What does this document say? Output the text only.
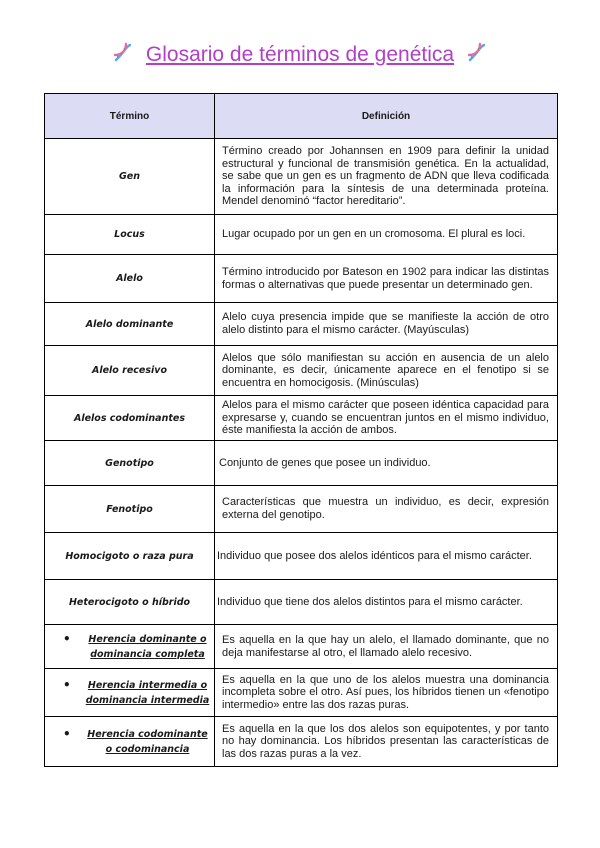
Glosario de términos de genética
Término	Definición
Gen	Término creado por Johannsen en 1909 para definir la unidad estructural y funcional de transmisión genética. En la actualidad, se sabe que un gen es un fragmento de ADN que lleva codificada la información para la síntesis de una determinada proteína. Mendel denominó “factor hereditario”.
Locus	Lugar ocupado por un gen en un cromosoma. El plural es loci.
Alelo	Término introducido por Bateson en 1902 para indicar las distintas formas o alternativas que puede presentar un determinado gen.
Alelo dominante	Alelo cuya presencia impide que se manifieste la acción de otro alelo distinto para el mismo carácter. (Mayúsculas)
Alelo recesivo	Alelos que sólo manifiestan su acción en ausencia de un alelo dominante, es decir, únicamente aparece en el fenotipo si se encuentra en homocigosis. (Minúsculas)
Alelos codominantes	Alelos para el mismo carácter que poseen idéntica capacidad para expresarse y, cuando se encuentran juntos en el mismo individuo, éste manifiesta la acción de ambos.
Genotipo	Conjunto de genes que posee un individuo.
Fenotipo	Características que muestra un individuo, es decir, expresión externa del genotipo.
Homocigoto o raza pura	Individuo que posee dos alelos idénticos para el mismo carácter.
Heterocigoto o híbrido	Individuo que tiene dos alelos distintos para el mismo carácter.

• Herencia dominante o dominancia completa	Es aquella en la que hay un alelo, el llamado dominante, que no deja manifestarse al otro, el llamado alelo recesivo.

• Herencia intermedia o dominancia intermedia	Es aquella en la que uno de los alelos muestra una dominancia incompleta sobre el otro. Así pues, los híbridos tienen un «fenotipo intermedio» entre las dos razas puras.

• Herencia codominante o codominancia	Es aquella en la que los dos alelos son equipotentes, y por tanto no hay dominancia. Los híbridos presentan las características de las dos razas puras a la vez.
